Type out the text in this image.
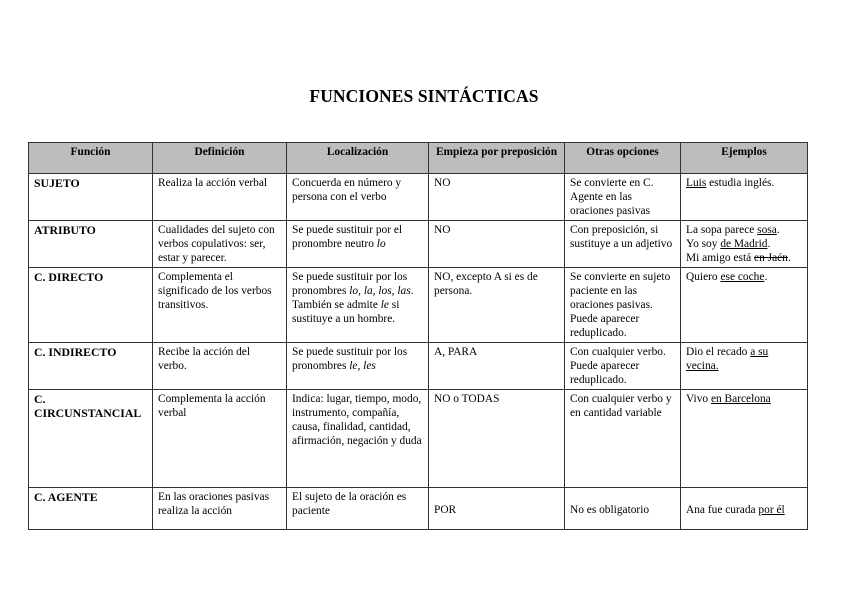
FUNCIONES SINTÁCTICAS
Función	Definición	Localización	Empieza por preposición	Otras opciones	Ejemplos
SUJETO	Realiza la acción verbal	Concuerda en número y persona con el verbo	NO	Se convierte en C. Agente en las oraciones pasivas	Luis estudia inglés.
ATRIBUTO	Cualidades del sujeto con verbos copulativos: ser, estar y parecer.	Se puede sustituir por el pronombre neutro lo	NO	Con preposición, si sustituye a un adjetivo	La sopa parece sosa.
Yo soy de Madrid.
Mi amigo está en Jaén.

C. DIRECTO	Complementa el significado de los verbos transitivos.	Se puede sustituir por los pronombres lo, la, los, las. También se admite le si sustituye a un hombre.	NO, excepto A si es de persona.	Se convierte en sujeto paciente en las oraciones pasivas. Puede aparecer reduplicado.	Quiero ese coche.
C. INDIRECTO	Recibe la acción del verbo.	Se puede sustituir por los pronombres le, les	A, PARA	Con cualquier verbo. Puede aparecer reduplicado.	Dio el recado a su vecina.
C. CIRCUNSTANCIAL	Complementa la acción verbal	Indica: lugar, tiempo, modo, instrumento, compañía, causa, finalidad, cantidad, afirmación, negación y duda	NO o TODAS	Con cualquier verbo y en cantidad variable	Vivo en Barcelona
C. AGENTE	En las oraciones pasivas realiza la acción	El sujeto de la oración es paciente	POR	No es obligatorio	Ana fue curada por él
